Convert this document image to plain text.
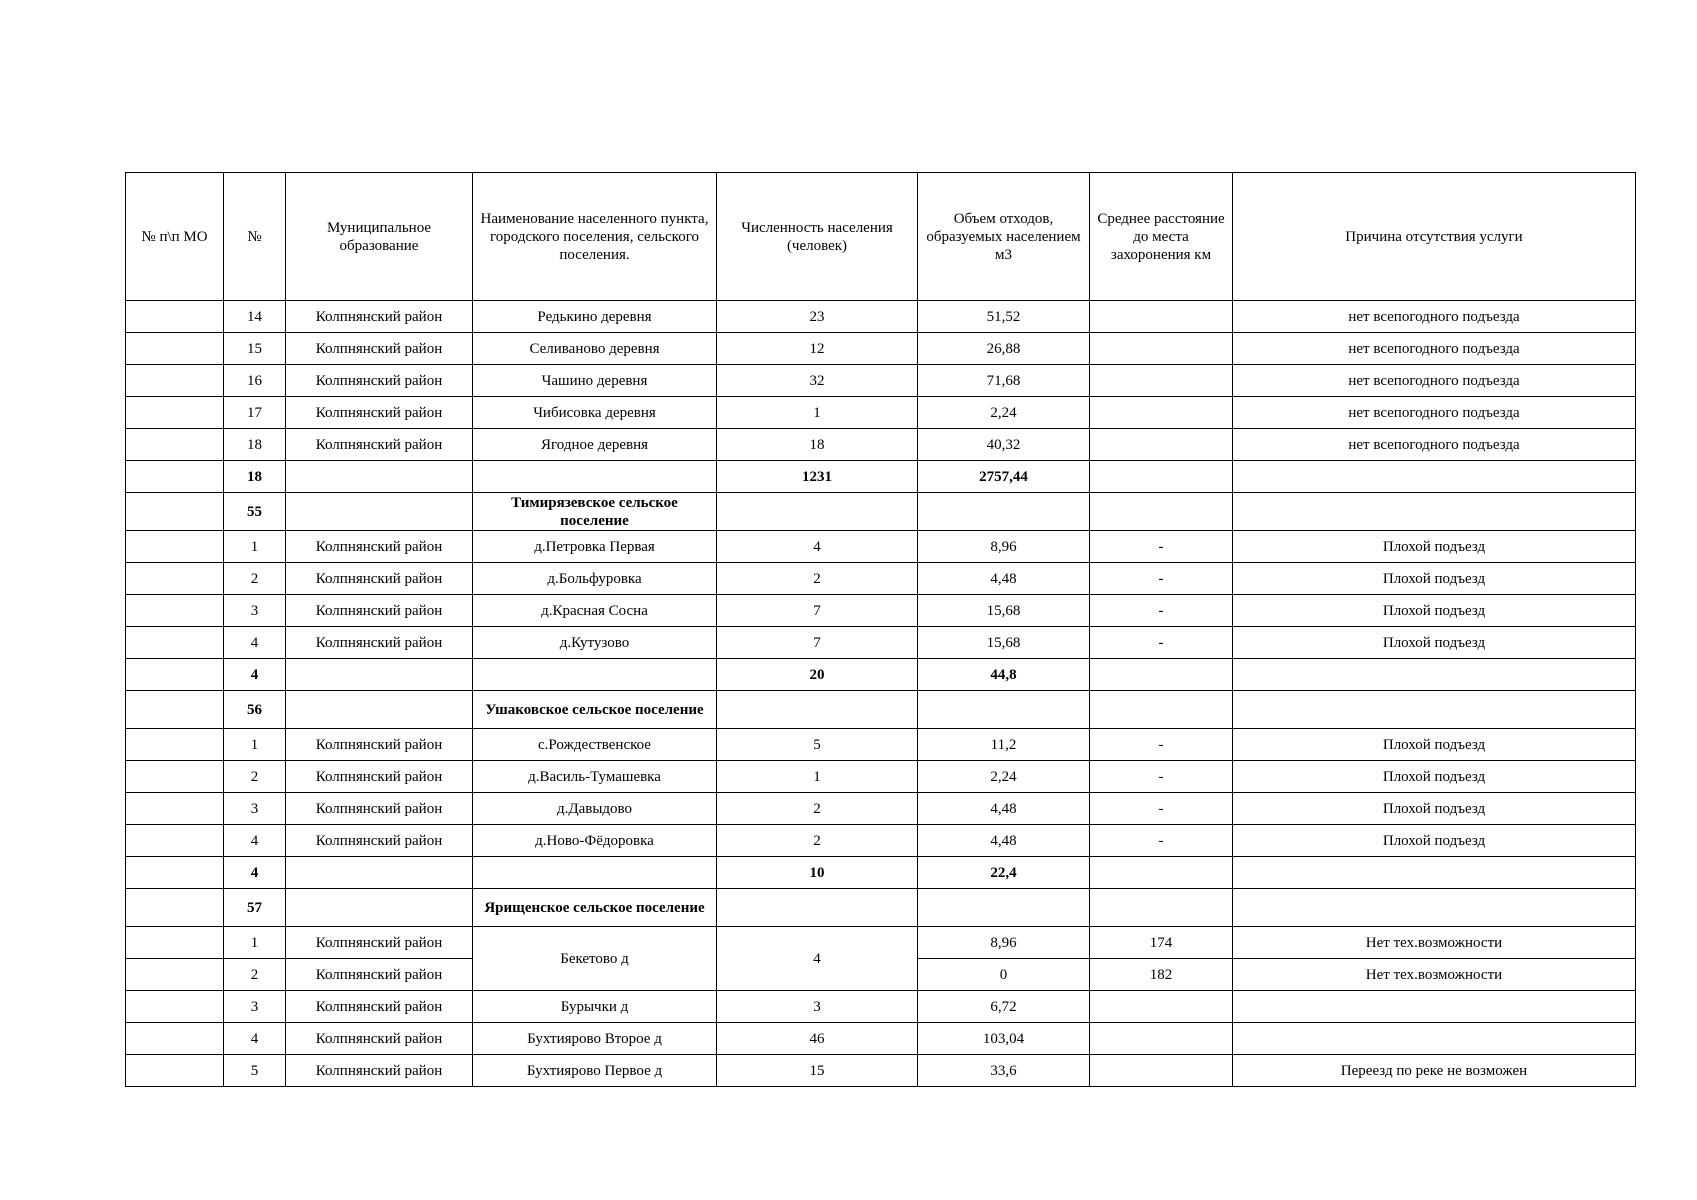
№ п\п МО	№	Муниципальное образование	Наименование населенного пункта, городского поселения, сельского поселения.	Численность населения (человек)	Объем отходов, образуемых населением м3	Среднее расстояние до места захоронения км	Причина отсутствия услуги
	14	Колпнянский район	Редькино деревня	23	51,52		нет всепогодного подъезда
	15	Колпнянский район	Селиваново деревня	12	26,88		нет всепогодного подъезда
	16	Колпнянский район	Чашино деревня	32	71,68		нет всепогодного подъезда
	17	Колпнянский район	Чибисовка деревня	1	2,24		нет всепогодного подъезда
	18	Колпнянский район	Ягодное деревня	18	40,32		нет всепогодного подъезда
	18			1231	2757,44		
	55		Тимирязевское сельское поселение				
	1	Колпнянский район	д.Петровка Первая	4	8,96	-	Плохой подъезд
	2	Колпнянский район	д.Больфуровка	2	4,48	-	Плохой подъезд
	3	Колпнянский район	д.Красная Сосна	7	15,68	-	Плохой подъезд
	4	Колпнянский район	д.Кутузово	7	15,68	-	Плохой подъезд
	4			20	44,8		
	56		Ушаковское сельское поселение				
	1	Колпнянский район	с.Рождественское	5	11,2	-	Плохой подъезд
	2	Колпнянский район	д.Василь-Тумашевка	1	2,24	-	Плохой подъезд
	3	Колпнянский район	д.Давыдово	2	4,48	-	Плохой подъезд
	4	Колпнянский район	д.Ново-Фёдоровка	2	4,48	-	Плохой подъезд
	4			10	22,4		
	57		Ярищенское сельское поселение				
	1	Колпнянский район	Бекетово д	4	8,96	174	Нет тех.возможности
	2	Колпнянский район			0	182	Нет тех.возможности
	3	Колпнянский район	Бурычки д	3	6,72		
	4	Колпнянский район	Бухтиярово Второе д	46	103,04		
	5	Колпнянский район	Бухтиярово Первое д	15	33,6		Переезд по реке не возможен
